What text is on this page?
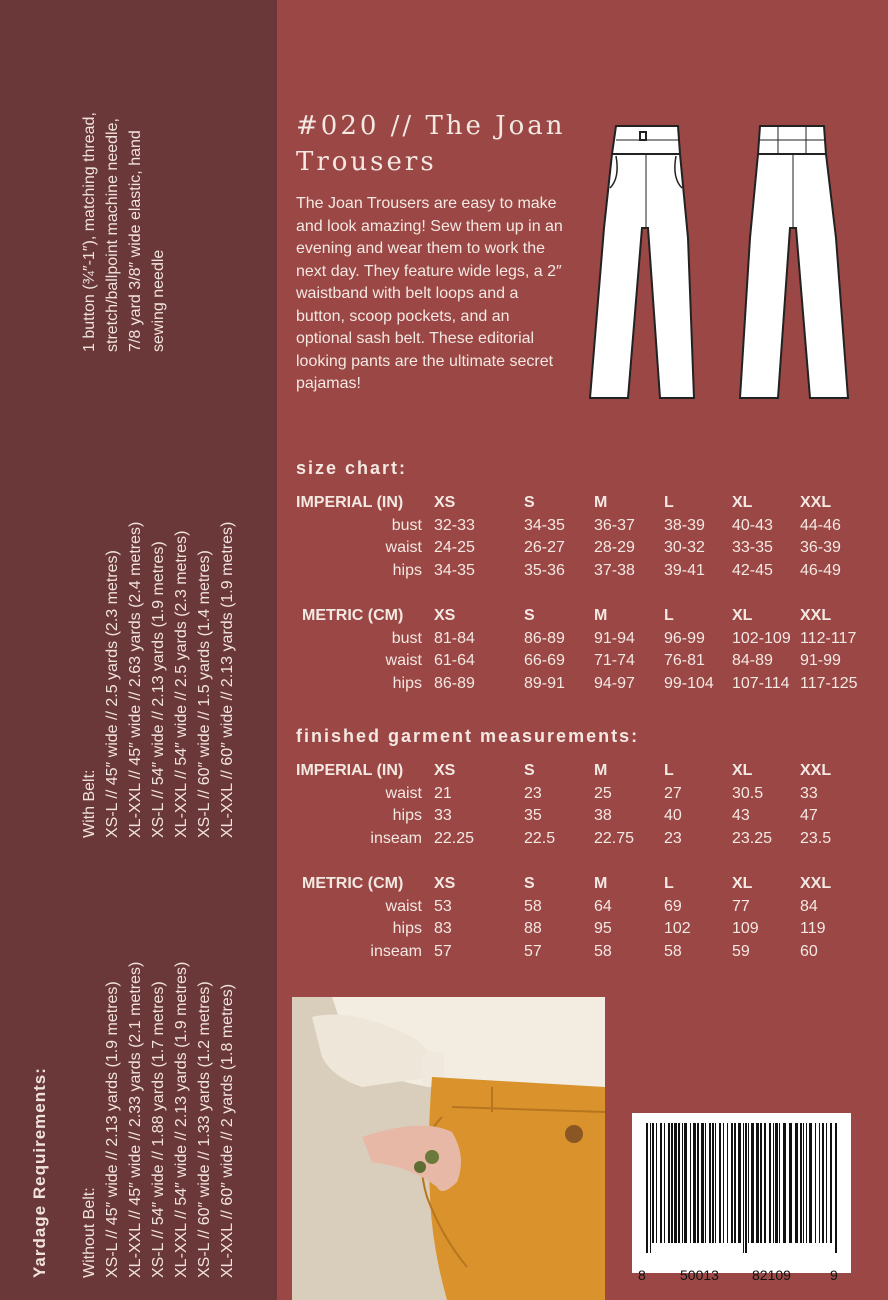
Yardage Requirements: Without Belt: XS-L // 45″ wide // 2.13 yards (1.9 metres) XL-XXL // 45″ wide // 2.33 yards (2.1 metres) XS-L // 54″ wide // 1.88 yards (1.7 metres) XL-XXL // 54″ wide // 2.13 yards (1.9 metres) XS-L // 60″ wide // 1.33 yards (1.2 metres) XL-XXL // 60″ wide // 2 yards (1.8 metres)
With Belt: XS-L // 45″ wide // 2.5 yards (2.3 metres) XL-XXL // 45″ wide // 2.63 yards (2.4 metres) XS-L // 54″ wide // 2.13 yards (1.9 metres) XL-XXL // 54″ wide // 2.5 yards (2.3 metres) XS-L // 60″ wide // 1.5 yards (1.4 metres) XL-XXL // 60″ wide // 2.13 yards (1.9 metres)
1 button (¾″-1″), matching thread, stretch/ballpoint machine needle, 7/8 yard 3/8″ wide elastic, hand sewing needle
#020 // The Joan
Trousers
The Joan Trousers are easy to make and look amazing! Sew them up in an evening and wear them to work the next day. They feature wide legs, a 2″ waistband with belt loops and a button, scoop pockets, and an optional sash belt. These editorial looking pants are the ultimate secret pajamas!
size chart:
IMPERIAL (IN) XS	S	M	L	XL	XXL
bust 32-33	34-35 36-37 38-39 40-43 44-46
waist 24-25	26-27 28-29 30-32 33-35 36-39
hips 34-35	35-36 37-38 39-41 42-45 46-49
METRIC (CM) XS	S	M	L	XL	XXL
bust 81-84	86-89 91-94 96-99 102-109 112-117
waist 61-64	66-69 71-74 76-81 84-89 91-99
hips 86-89	89-91 94-97 99-104 107-114 117-125
finished garment measurements:
IMPERIAL (IN) XS	S	M	L	XL	XXL
waist 21	23	25	27	30.5 33
hips 33	35	38	40	43	47
inseam 22.25	22.5 22.75 23	23.25 23.5
METRIC (CM) XS	S	M	L	XL	XXL
waist 53	58	64	69	77	84
hips 83	88	95	102	109	119
inseam 57	57	58	58	59	60
8 50013 82109	9
